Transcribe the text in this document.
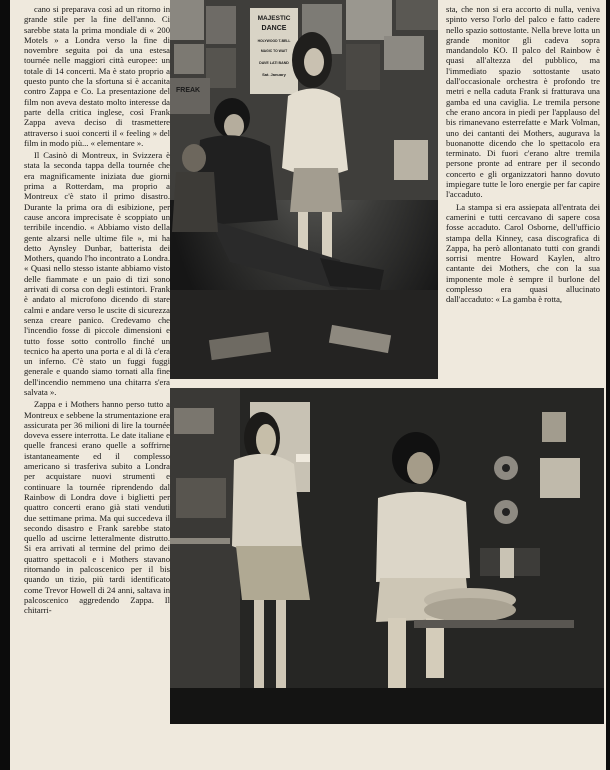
cano si preparava così ad un ritorno in grande stile per la fine dell'anno. Ci sarebbe stata la prima mondiale di « 200 Motels » a Londra verso la fine di novembre seguita poi da una estesa tournée nelle maggiori città europee: un totale di 14 concerti. Ma è stato proprio a questo punto che la sfortuna si è accanita contro Zappa e Co. La presentazione del film non aveva destato molto interesse da parte della critica inglese, così Frank Zappa aveva deciso di trasmettere attraverso i suoi concerti il « feeling » del film in modo più... « elementare ».

Il Casinò di Montreux, in Svizzera è stata la seconda tappa della tournée che era magnificamente iniziata due giorni prima a Rotterdam, ma proprio a Montreux c'è stato il primo disastro. Durante la prima ora di esibizione, per cause ancora imprecisate è scoppiato un terribile incendio. « Abbiamo visto della gente alzarsi nelle ultime file », mi ha detto Aynsley Dunbar, batterista dei Mothers, quando l'ho incontrato a Londra. « Quasi nello stesso istante abbiamo visto delle fiammate e un paio di tizi sono arrivati di corsa con degli estintori. Frank è andato al microfono dicendo di stare calmi e andare verso le uscite di sicurezza senza creare panico. Credevamo che l'incendio fosse di piccole dimensioni e tutto fosse sotto controllo finché un tecnico ha aperto una porta e al di là c'era un inferno. C'è stato un fuggi fuggi generale e quando siamo tornati alla fine dell'incendio nemmeno una chitarra s'era salvata ».

Zappa e i Mothers hanno perso tutto a Montreux e sebbene la strumentazione era assicurata per 36 milioni di lire la tournée doveva essere interrotta. Le date italiane e quelle francesi erano quelle a soffrirne istantaneamente ed il complesso americano si trasferiva subito a Londra per acquistare nuovi strumenti e continuare la tournée riprendendo dal Rainbow di Londra dove i biglietti per quattro concerti erano già stati venduti due settimane prima. Ma qui succedeva il secondo disastro e Frank sarebbe stato quello ad uscirne letteralmente distrutto. Si era arrivati al termine del primo dei quattro spettacoli e i Mothers stavano ritornando in palcoscenico per il bis quando un tizio, più tardi identificato come Trevor Howell di 24 anni, saltava in palcoscenico aggredendo Zappa. Il chitarri-

MAJESTIC
DANCE
HOLYWOOD T-BELL
MAGIC TO WAIT
DAVE LATI BAND
Sat. January
FREAK

sta, che non si era accorto di nulla, veniva spinto verso l'orlo del palco e fatto cadere nello spazio sottostante. Nella breve lotta un grande monitor gli cadeva sopra mandandolo KO. Il palco del Rainbow è quasi all'altezza del pubblico, ma l'immediato spazio sottostante usato dall'occasionale orchestra è profondo tre metri e nella caduta Frank si fratturava una gamba ed una caviglia. Le tremila persone che erano ancora in piedi per l'applauso del bis rimanevano esterrefatte e Mark Volman, uno dei cantanti dei Mothers, augurava la buonanotte dicendo che lo spettacolo era terminato. Di fuori c'erano altre tremila persone pronte ad entrare per il secondo concerto e gli organizzatori hanno dovuto impiegare tutte le loro energie per far capire l'accaduto.

La stampa si era assiepata all'entrata dei camerini e tutti cercavano di sapere cosa fosse accaduto. Carol Osborne, dell'ufficio stampa della Kinney, casa discografica di Zappa, ha però allontanato tutti con grandi sorrisi mentre Howard Kaylen, altro cantante dei Mothers, che con la sua imponente mole è sempre il burlone del complesso era quasi allucinato dall'accaduto: « La gamba è rotta,
